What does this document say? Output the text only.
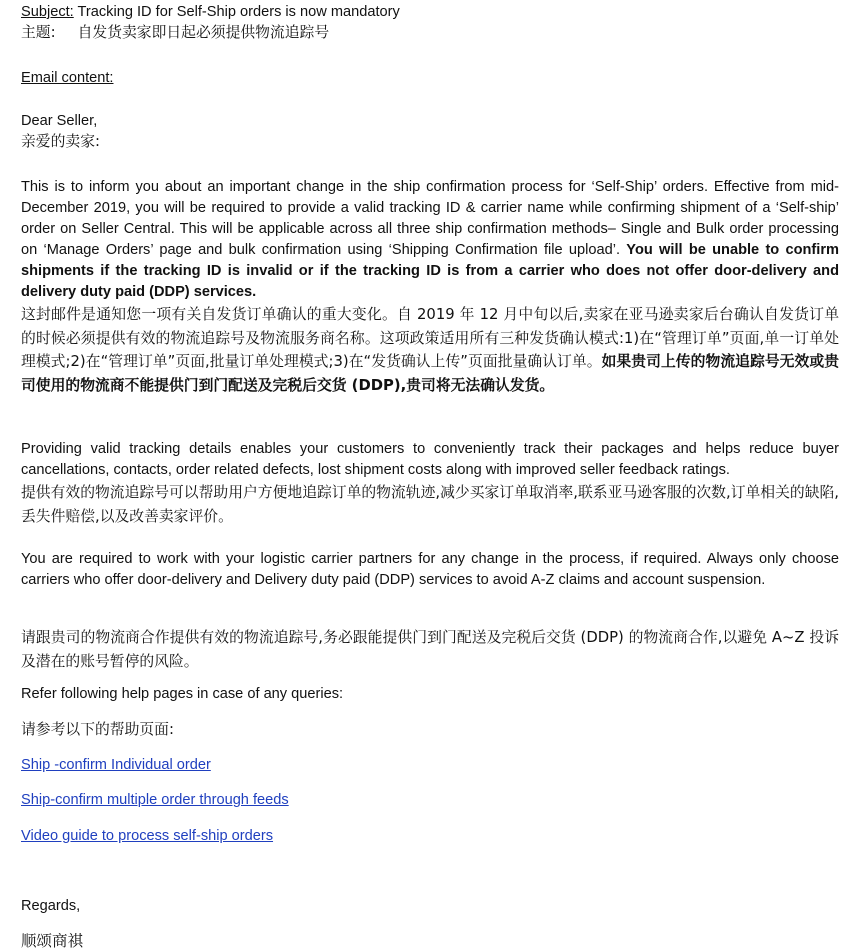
Subject: Tracking ID for Self-Ship orders is now mandatory
主题: 自发货卖家即日起必须提供物流追踪号
Email content:
Dear Seller,
亲爱的卖家:
This is to inform you about an important change in the ship confirmation process for ‘Self-Ship’ orders. Effective from mid-December 2019, you will be required to provide a valid tracking ID & carrier name while confirming shipment of a ‘Self-ship’ order on Seller Central. This will be applicable across all three ship confirmation methods– Single and Bulk order processing on ‘Manage Orders’ page and bulk confirmation using ‘Shipping Confirmation file upload’. You will be unable to confirm shipments if the tracking ID is invalid or if the tracking ID is from a carrier who does not offer door-delivery and delivery duty paid (DDP) services.
这封邮件是通知您一项有关自发货订单确认的重大变化。自 2019 年 12 月中旬以后,卖家在亚马逊卖家后台确认自发货订单的时候必须提供有效的物流追踪号及物流服务商名称。这项政策适用所有三种发货确认模式:1)在“管理订单”页面,单一订单处理模式;2)在“管理订单”页面,批量订单处理模式;3)在“发货确认上传”页面批量确认订单。如果贵司上传的物流追踪号无效或贵司使用的物流商不能提供门到门配送及完税后交货 (DDP),贵司将无法确认发货。
Providing valid tracking details enables your customers to conveniently track their packages and helps reduce buyer cancellations, contacts, order related defects, lost shipment costs along with improved seller feedback ratings.
提供有效的物流追踪号可以帮助用户方便地追踪订单的物流轨迹,减少买家订单取消率,联系亚马逊客服的次数,订单相关的缺陷,丢失件赔偿,以及改善卖家评价。
You are required to work with your logistic carrier partners for any change in the process, if required. Always only choose carriers who offer door-delivery and Delivery duty paid (DDP) services to avoid A-Z claims and account suspension.
请跟贵司的物流商合作提供有效的物流追踪号,务必跟能提供门到门配送及完税后交货 (DDP) 的物流商合作,以避免 A~Z 投诉及潜在的账号暂停的风险。
Refer following help pages in case of any queries:
请参考以下的帮助页面:
Ship -confirm Individual order
Ship-confirm multiple order through feeds
Video guide to process self-ship orders
Regards,
顺颂商祺
